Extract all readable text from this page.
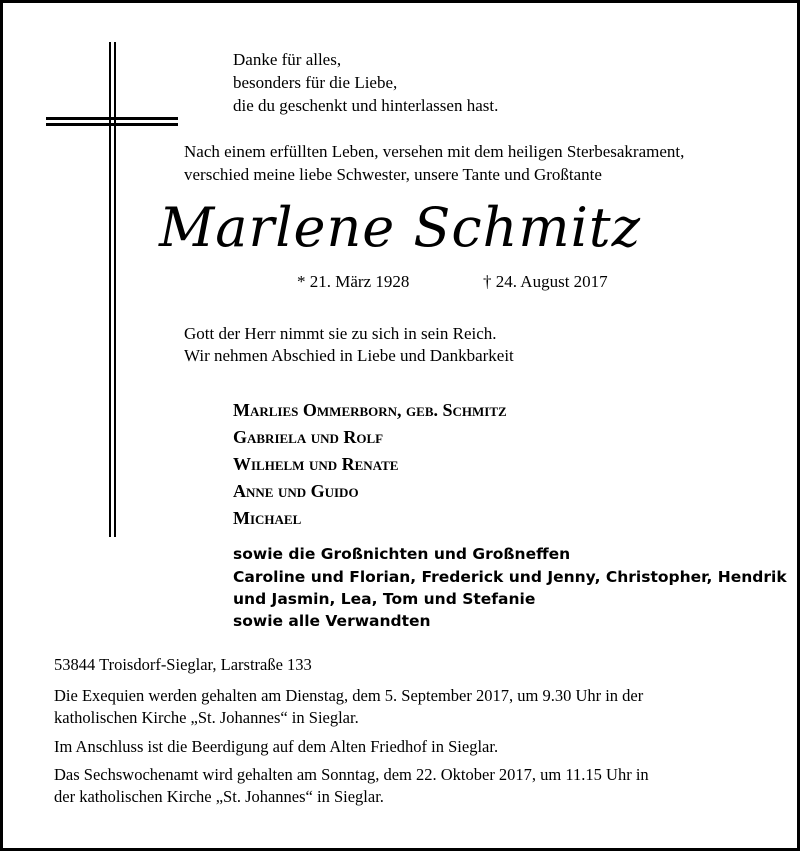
Danke für alles,
besonders für die Liebe,
die du geschenkt und hinterlassen hast.
Nach einem erfüllten Leben, versehen mit dem heiligen Sterbesakrament,
verschied meine liebe Schwester, unsere Tante und Großtante
Marlene Schmitz
* 21. März 1928	† 24. August 2017
Gott der Herr nimmt sie zu sich in sein Reich.
Wir nehmen Abschied in Liebe und Dankbarkeit
Marlies Ommerborn, geb. Schmitz
Gabriela und Rolf
Wilhelm und Renate
Anne und Guido
Michael
sowie die Großnichten und Großneffen
Caroline und Florian, Frederick und Jenny, Christopher, Hendrik
und Jasmin, Lea, Tom und Stefanie
sowie alle Verwandten
53844 Troisdorf-Sieglar, Larstraße 133
Die Exequien werden gehalten am Dienstag, dem 5. September 2017, um 9.30 Uhr in der
katholischen Kirche „St. Johannes“ in Sieglar.
Im Anschluss ist die Beerdigung auf dem Alten Friedhof in Sieglar.
Das Sechswochenamt wird gehalten am Sonntag, dem 22. Oktober 2017, um 11.15 Uhr in
der katholischen Kirche „St. Johannes“ in Sieglar.
